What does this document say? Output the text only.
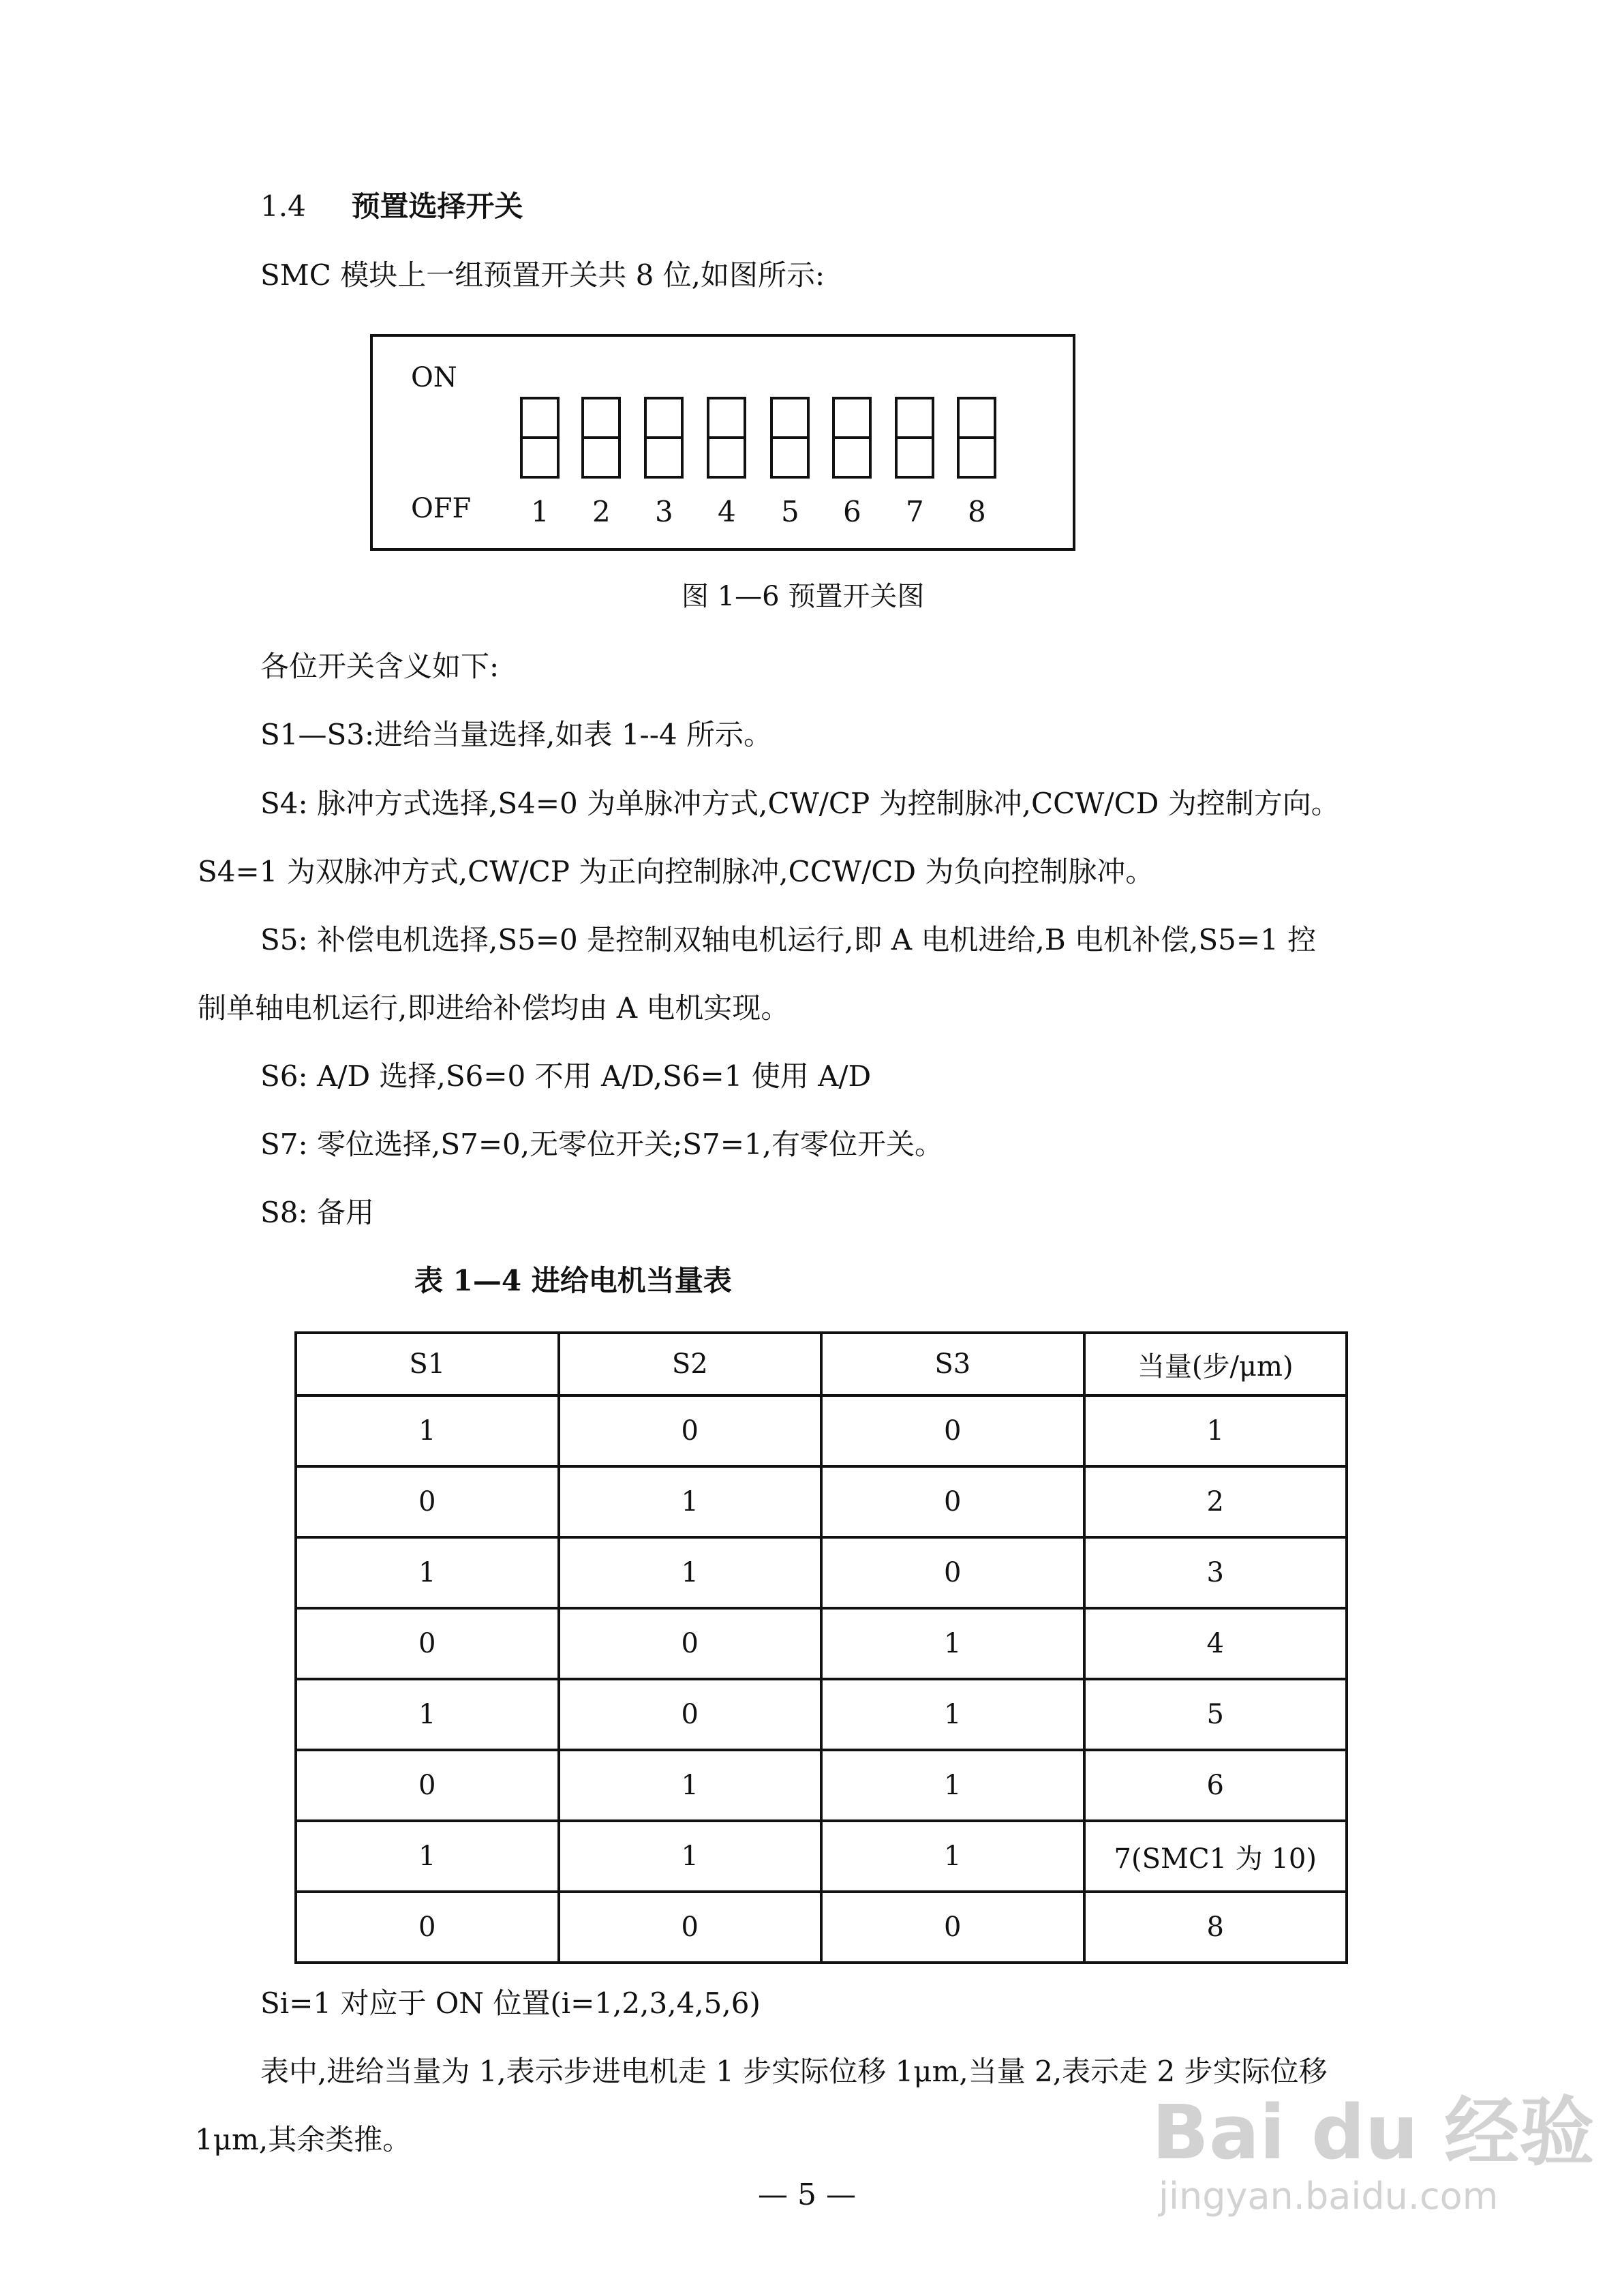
1.4 预置选择开关
SMC 模块上一组预置开关共 8 位,如图所示:
ON
OFF 1 2 3 4 5 6 7 8
图 1—6 预置开关图
各位开关含义如下:
S1—S3:进给当量选择,如表 1--4 所示。
S4: 脉冲方式选择,S4=0 为单脉冲方式,CW/CP 为控制脉冲,CCW/CD 为控制方向。
S4=1 为双脉冲方式,CW/CP 为正向控制脉冲,CCW/CD 为负向控制脉冲。
S5: 补偿电机选择,S5=0 是控制双轴电机运行,即 A 电机进给,B 电机补偿,S5=1 控
制单轴电机运行,即进给补偿均由 A 电机实现。
S6: A/D 选择,S6=0 不用 A/D,S6=1 使用 A/D
S7: 零位选择,S7=0,无零位开关;S7=1,有零位开关。
S8: 备用
表 1—4 进给电机当量表
S1	S2	S3	当量(步/μm)
1	0	0	1
0	1	0	2
1	1	0	3
0	0	1	4
1	0	1	5
0	1	1	6
1	1	1	7(SMC1 为 10)
0	0	0	8
Si=1 对应于 ON 位置(i=1,2,3,4,5,6)
表中,进给当量为 1,表示步进电机走 1 步实际位移 1μm,当量 2,表示走 2 步实际位移
1μm,其余类推。
— 5 —
Bai du 经验
jingyan.baidu.com
